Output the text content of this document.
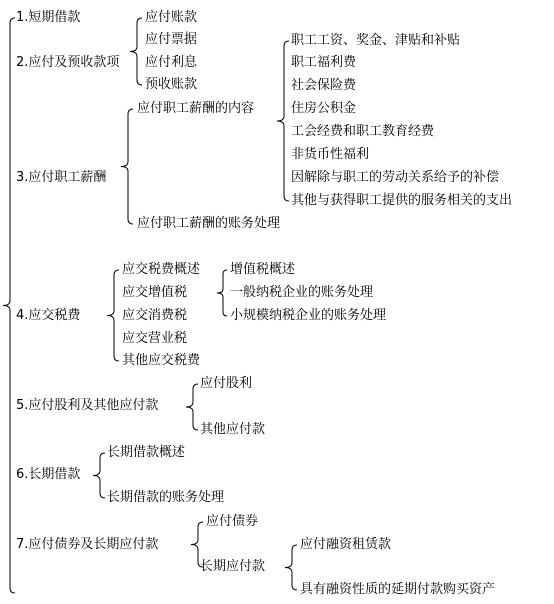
1.短期借款
2.应付及预收款项
3.应付职工薪酬
4.应交税费
5.应付股利及其他应付款
6.长期借款
7.应付债券及长期应付款
应付账款
应付票据
应付利息
预收账款
应付职工薪酬的内容
应付职工薪酬的账务处理
职工工资、奖金、津贴和补贴
职工福利费
社会保险费
住房公积金
工会经费和职工教育经费
非货币性福利
因解除与职工的劳动关系给予的补偿
其他与获得职工提供的服务相关的支出
应交税费概述
应交增值税
应交消费税
应交营业税
其他应交税费
增值税概述
一般纳税企业的账务处理
小规模纳税企业的账务处理
应付股利
其他应付款
长期借款概述
长期借款的账务处理
应付债券
长期应付款
应付融资租赁款
具有融资性质的延期付款购买资产
